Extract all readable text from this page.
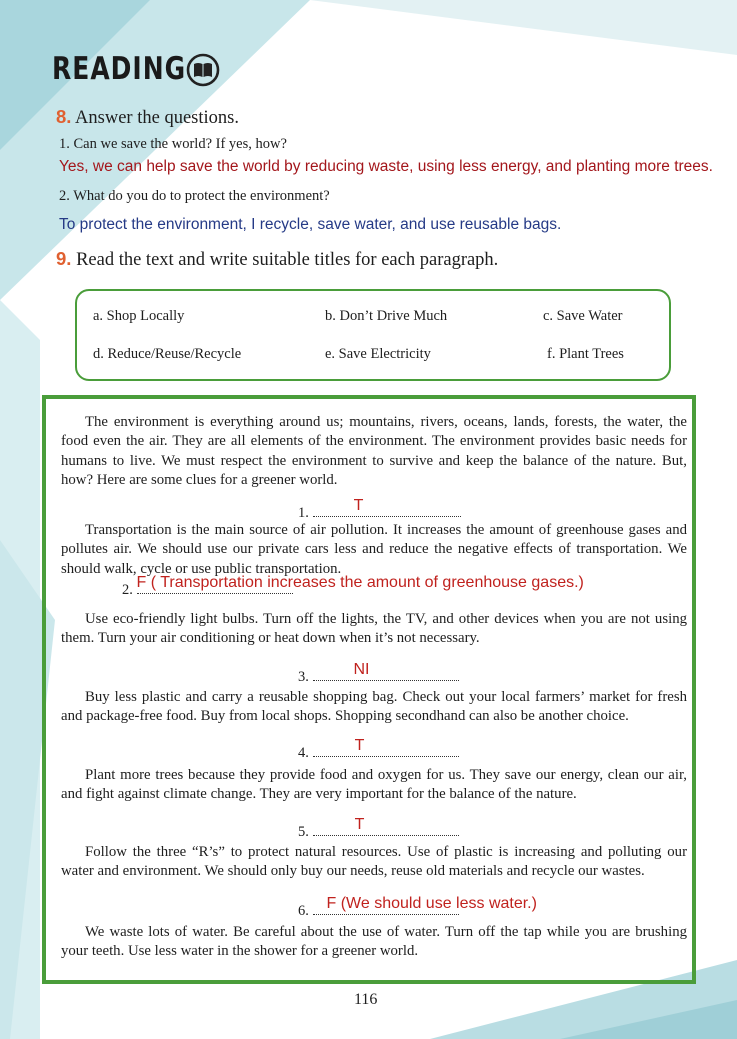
READING
8. Answer the questions.
1. Can we save the world? If yes, how?
Yes, we can help save the world by reducing waste, using less energy, and planting more trees.
2. What do you do to protect the environment?
To protect the environment, I recycle, save water, and use reusable bags.
9. Read the text and write suitable titles for each paragraph.
a. Shop Locally	b. Don’t Drive Much	c. Save Water
d. Reduce/Reuse/Recycle	e. Save Electricity	f. Plant Trees
The environment is everything around us; mountains, rivers, oceans, lands, forests, the water, the food even the air. They are all elements of the environment. The environment provides basic needs for humans to live. We must respect the environment to survive and keep the balance of the nature. But, how? Here are some clues for a greener world.
1.	T
Transportation is the main source of air pollution. It increases the amount of greenhouse gases and pollutes air. We should use our private cars less and reduce the negative effects of transportation. We should walk, cycle or use public transportation.
2. F ( Transportation increases the amount of greenhouse gases.)
Use eco-friendly light bulbs. Turn off the lights, the TV, and other devices when you are not using them. Turn your air conditioning or heat down when it’s not necessary.
3.	NI
Buy less plastic and carry a reusable shopping bag. Check out your local farmers’ market for fresh and package-free food. Buy from local shops. Shopping secondhand can also be another choice.
4.	T
Plant more trees because they provide food and oxygen for us. They save our energy, clean our air, and fight against climate change. They are very important for the balance of the nature.
5.	T
Follow the three “R’s” to protect natural resources. Use of plastic is increasing and polluting our water and environment. We should only buy our needs, reuse old materials and recycle our wastes.
6. F (We should use less water.)
We waste lots of water. Be careful about the use of water. Turn off the tap while you are brushing your teeth. Use less water in the shower for a greener world.
116
